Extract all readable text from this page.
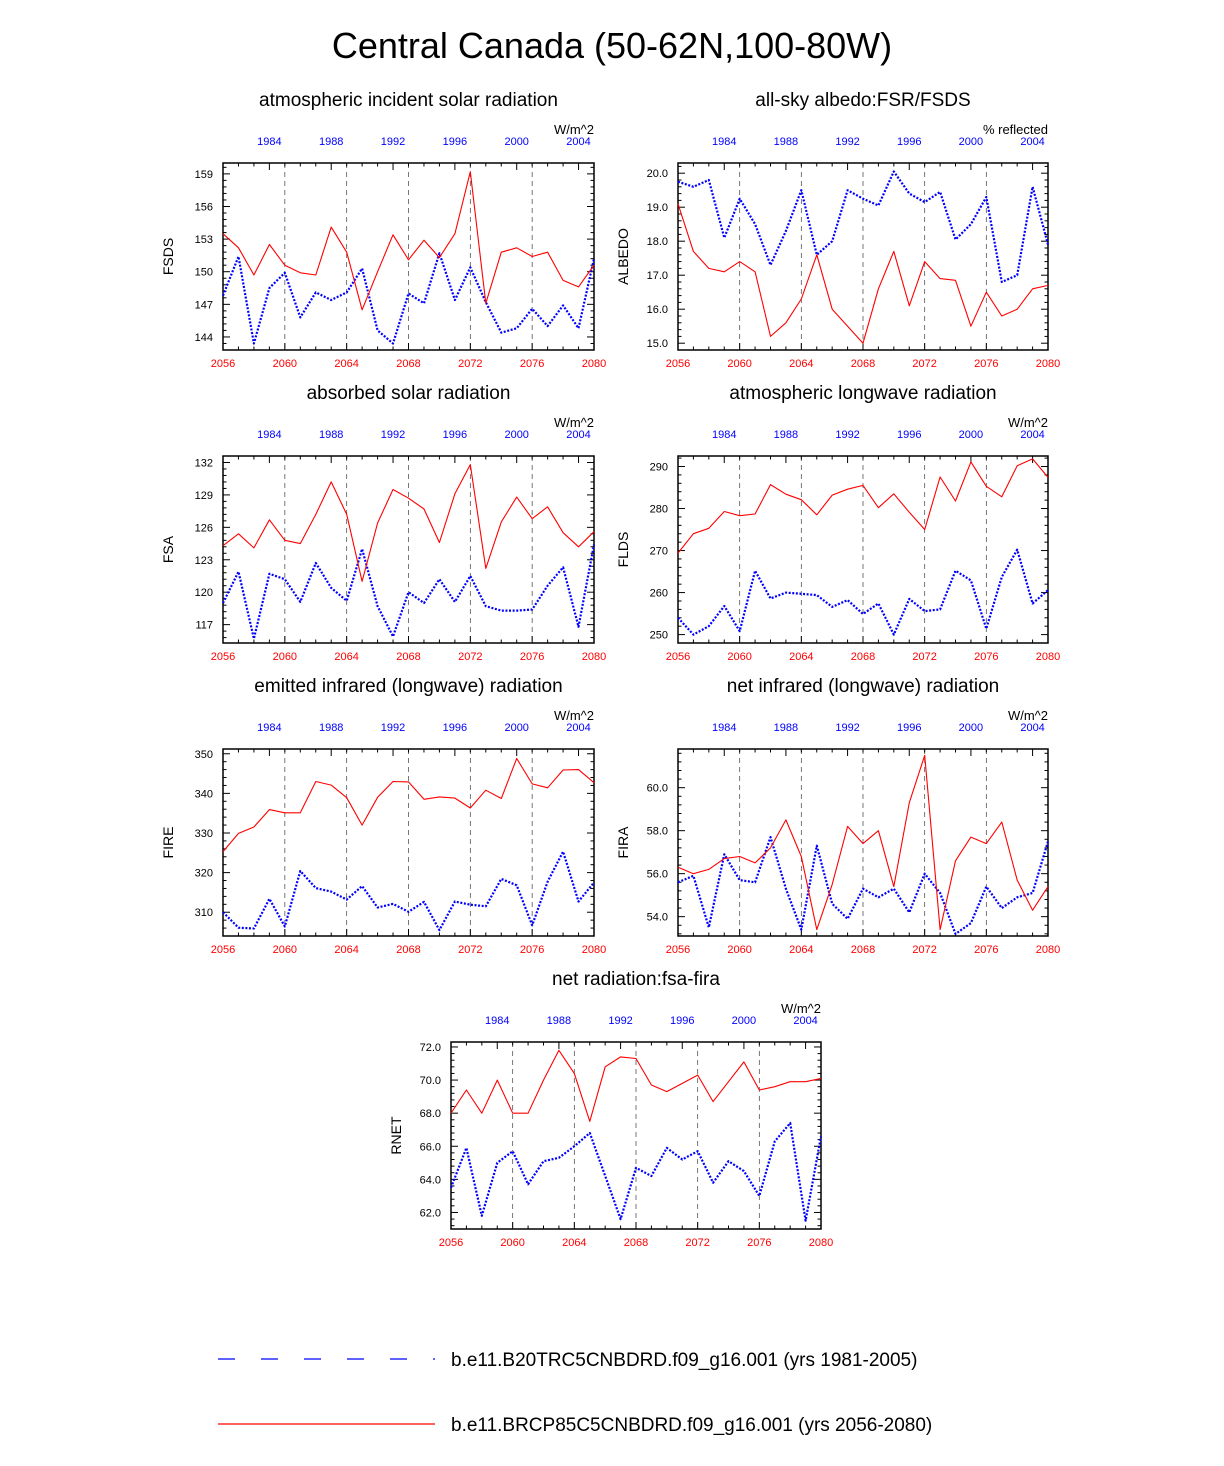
Central Canada (50-62N,100-80W)
atmospheric incident solar radiation
W/m^2
FSDS
2056	2060	2064	2068	2072	2076	2080
1984	1988	1992	1996	2000	2004
144
147
150
153
156
159
all-sky albedo:FSR/FSDS
% reflected
ALBEDO
2056	2060	2064	2068	2072	2076	2080
1984	1988	1992	1996	2000	2004
15.0
16.0
17.0
18.0
19.0
20.0
absorbed solar radiation
W/m^2
FSA
2056	2060	2064	2068	2072	2076	2080
1984	1988	1992	1996	2000	2004
117
120
123
126
129
132
atmospheric longwave radiation
W/m^2
FLDS
2056	2060	2064	2068	2072	2076	2080
1984	1988	1992	1996	2000	2004
250
260
270
280
290
emitted infrared (longwave) radiation
W/m^2
FIRE
2056	2060	2064	2068	2072	2076	2080
1984	1988	1992	1996	2000	2004
310
320
330
340
350
net infrared (longwave) radiation
W/m^2
FIRA
2056	2060	2064	2068	2072	2076	2080
1984	1988	1992	1996	2000	2004
54.0
56.0
58.0
60.0
net radiation:fsa-fira
W/m^2
RNET
2056	2060	2064	2068	2072	2076	2080
1984	1988	1992	1996	2000	2004
62.0
64.0
66.0
68.0
70.0
72.0
b.e11.B20TRC5CNBDRD.f09_g16.001 (yrs 1981-2005)
b.e11.BRCP85C5CNBDRD.f09_g16.001 (yrs 2056-2080)
